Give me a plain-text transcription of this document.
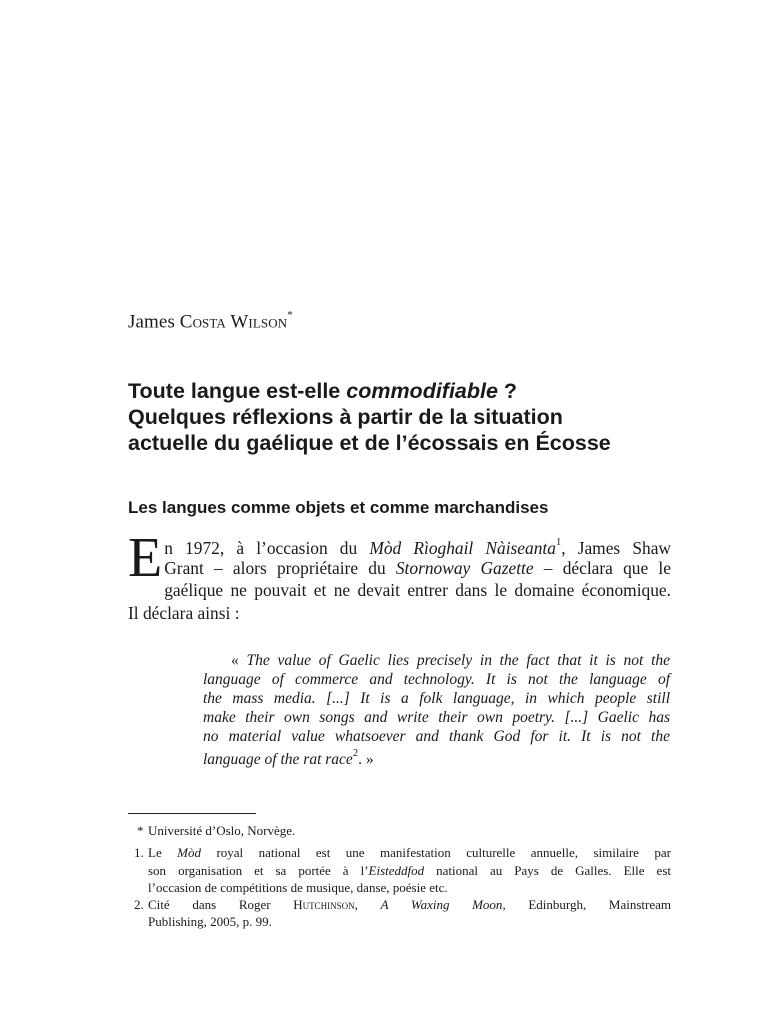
James Costa Wilson*
Toute langue est-elle commodifiable ?
Quelques réflexions à partir de la situation
actuelle du gaélique et de l’écossais en Écosse
Les langues comme objets et comme marchandises
E n 1972, à l’occasion du Mòd Rìoghail Nàiseanta$^1$, James Shaw
Grant – alors propriétaire du Stornoway Gazette – déclara que le
gaélique ne pouvait et ne devait entrer dans le domaine économique.
Il déclara ainsi :
« The value of Gaelic lies precisely in the fact that it is not the
language of commerce and technology. It is not the language of
the mass media. [...] It is a folk language, in which people still
make their own songs and write their own poetry. [...] Gaelic has
no material value whatsoever and thank God for it. It is not the
language of the rat race$^2$. »
* Université d’Oslo, Norvège.
1. Le Mòd royal national est une manifestation culturelle annuelle, similaire par
son organisation et sa portée à l’Eisteddfod national au Pays de Galles. Elle est
l’occasion de compétitions de musique, danse, poésie etc.
2. Cité dans Roger Hutchinson, A Waxing Moon, Edinburgh, Mainstream
Publishing, 2005, p. 99.
